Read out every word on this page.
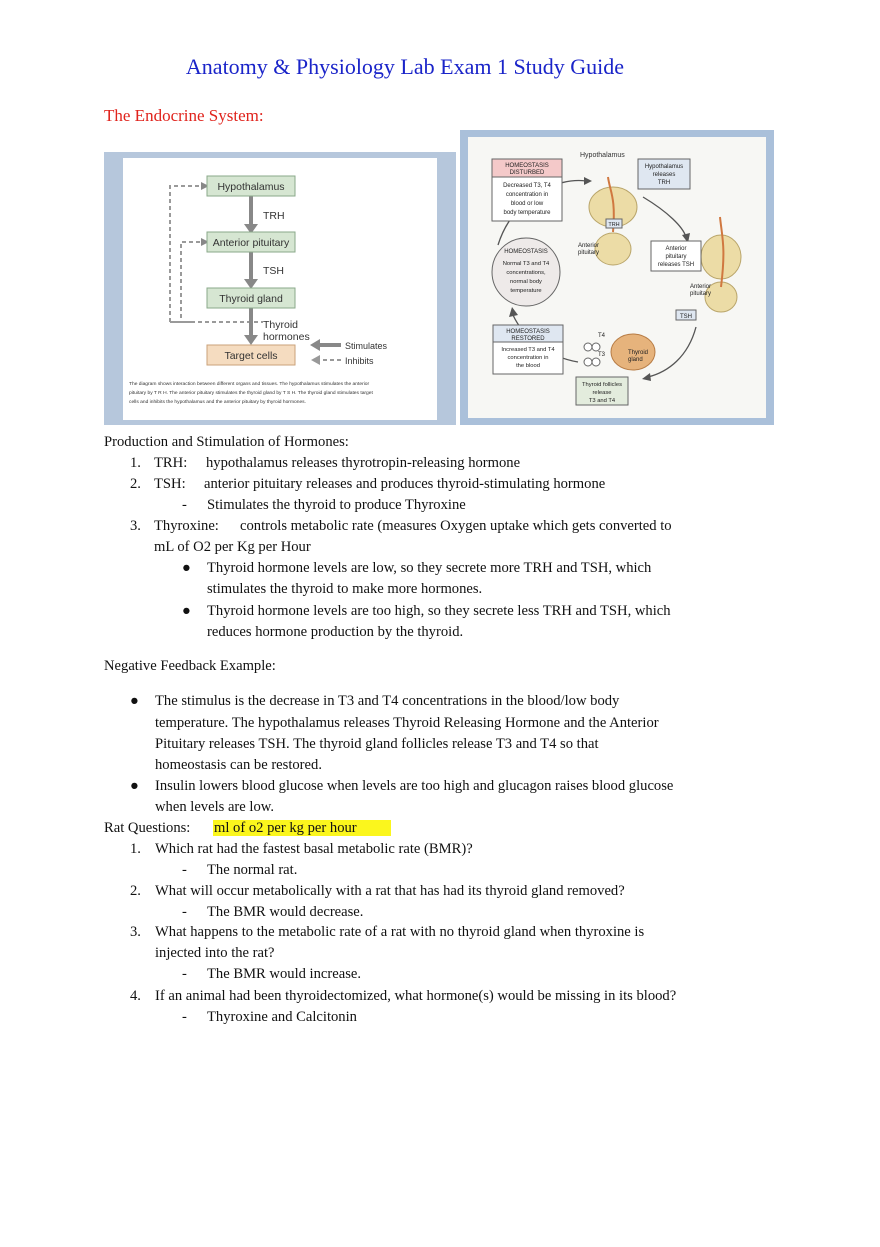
Anatomy & Physiology Lab Exam 1 Study Guide
The Endocrine System:
Hypothalamus
TRH
Anterior pituitary
TSH
Thyroid gland
Thyroid
hormones
Target cells
Stimulates
Inhibits
The diagram shows interaction between different organs and tissues. The hypothalamus stimulates the anterior
pituitary by T R H. The anterior pituitary stimulates the thyroid gland by T S H. The thyroid gland stimulates target
cells and inhibits the hypothalamus and the anterior pituitary by thyroid hormones.
Hypothalamus
HOMEOSTASIS
DISTURBED
Decreased T3, T4
concentration in
blood or low
body temperature
Hypothalamus
releases
TRH
TRH
Anterior
pituitary
HOMEOSTASIS
Normal T3 and T4
concentrations,
normal body
temperature
Anterior
pituitary
releases TSH
Anterior
pituitary
TSH
HOMEOSTASIS
RESTORED
Increased T3 and T4
concentration in
the blood
T4
T3	Thyroid
gland
Thyroid follicles
release
T3 and T4
Production and Stimulation of Hormones:
1. TRH: hypothalamus releases thyrotropin-releasing hormone
2. TSH: anterior pituitary releases and produces thyroid-stimulating hormone
- Stimulates the thyroid to produce Thyroxine
3. Thyroxine: controls metabolic rate (measures Oxygen uptake which gets converted to
mL of O2 per Kg per Hour
● Thyroid hormone levels are low, so they secrete more TRH and TSH, which
stimulates the thyroid to make more hormones.
● Thyroid hormone levels are too high, so they secrete less TRH and TSH, which
reduces hormone production by the thyroid.
Negative Feedback Example:
● The stimulus is the decrease in T3 and T4 concentrations in the blood/low body
temperature. The hypothalamus releases Thyroid Releasing Hormone and the Anterior
Pituitary releases TSH. The thyroid gland follicles release T3 and T4 so that
homeostasis can be restored.
● Insulin lowers blood glucose when levels are too high and glucagon raises blood glucose
when levels are low.
Rat Questions: ml of o2 per kg per hour
1. Which rat had the fastest basal metabolic rate (BMR)?
- The normal rat.
2. What will occur metabolically with a rat that has had its thyroid gland removed?
- The BMR would decrease.
3. What happens to the metabolic rate of a rat with no thyroid gland when thyroxine is
injected into the rat?
- The BMR would increase.
4. If an animal had been thyroidectomized, what hormone(s) would be missing in its blood?
- Thyroxine and Calcitonin
